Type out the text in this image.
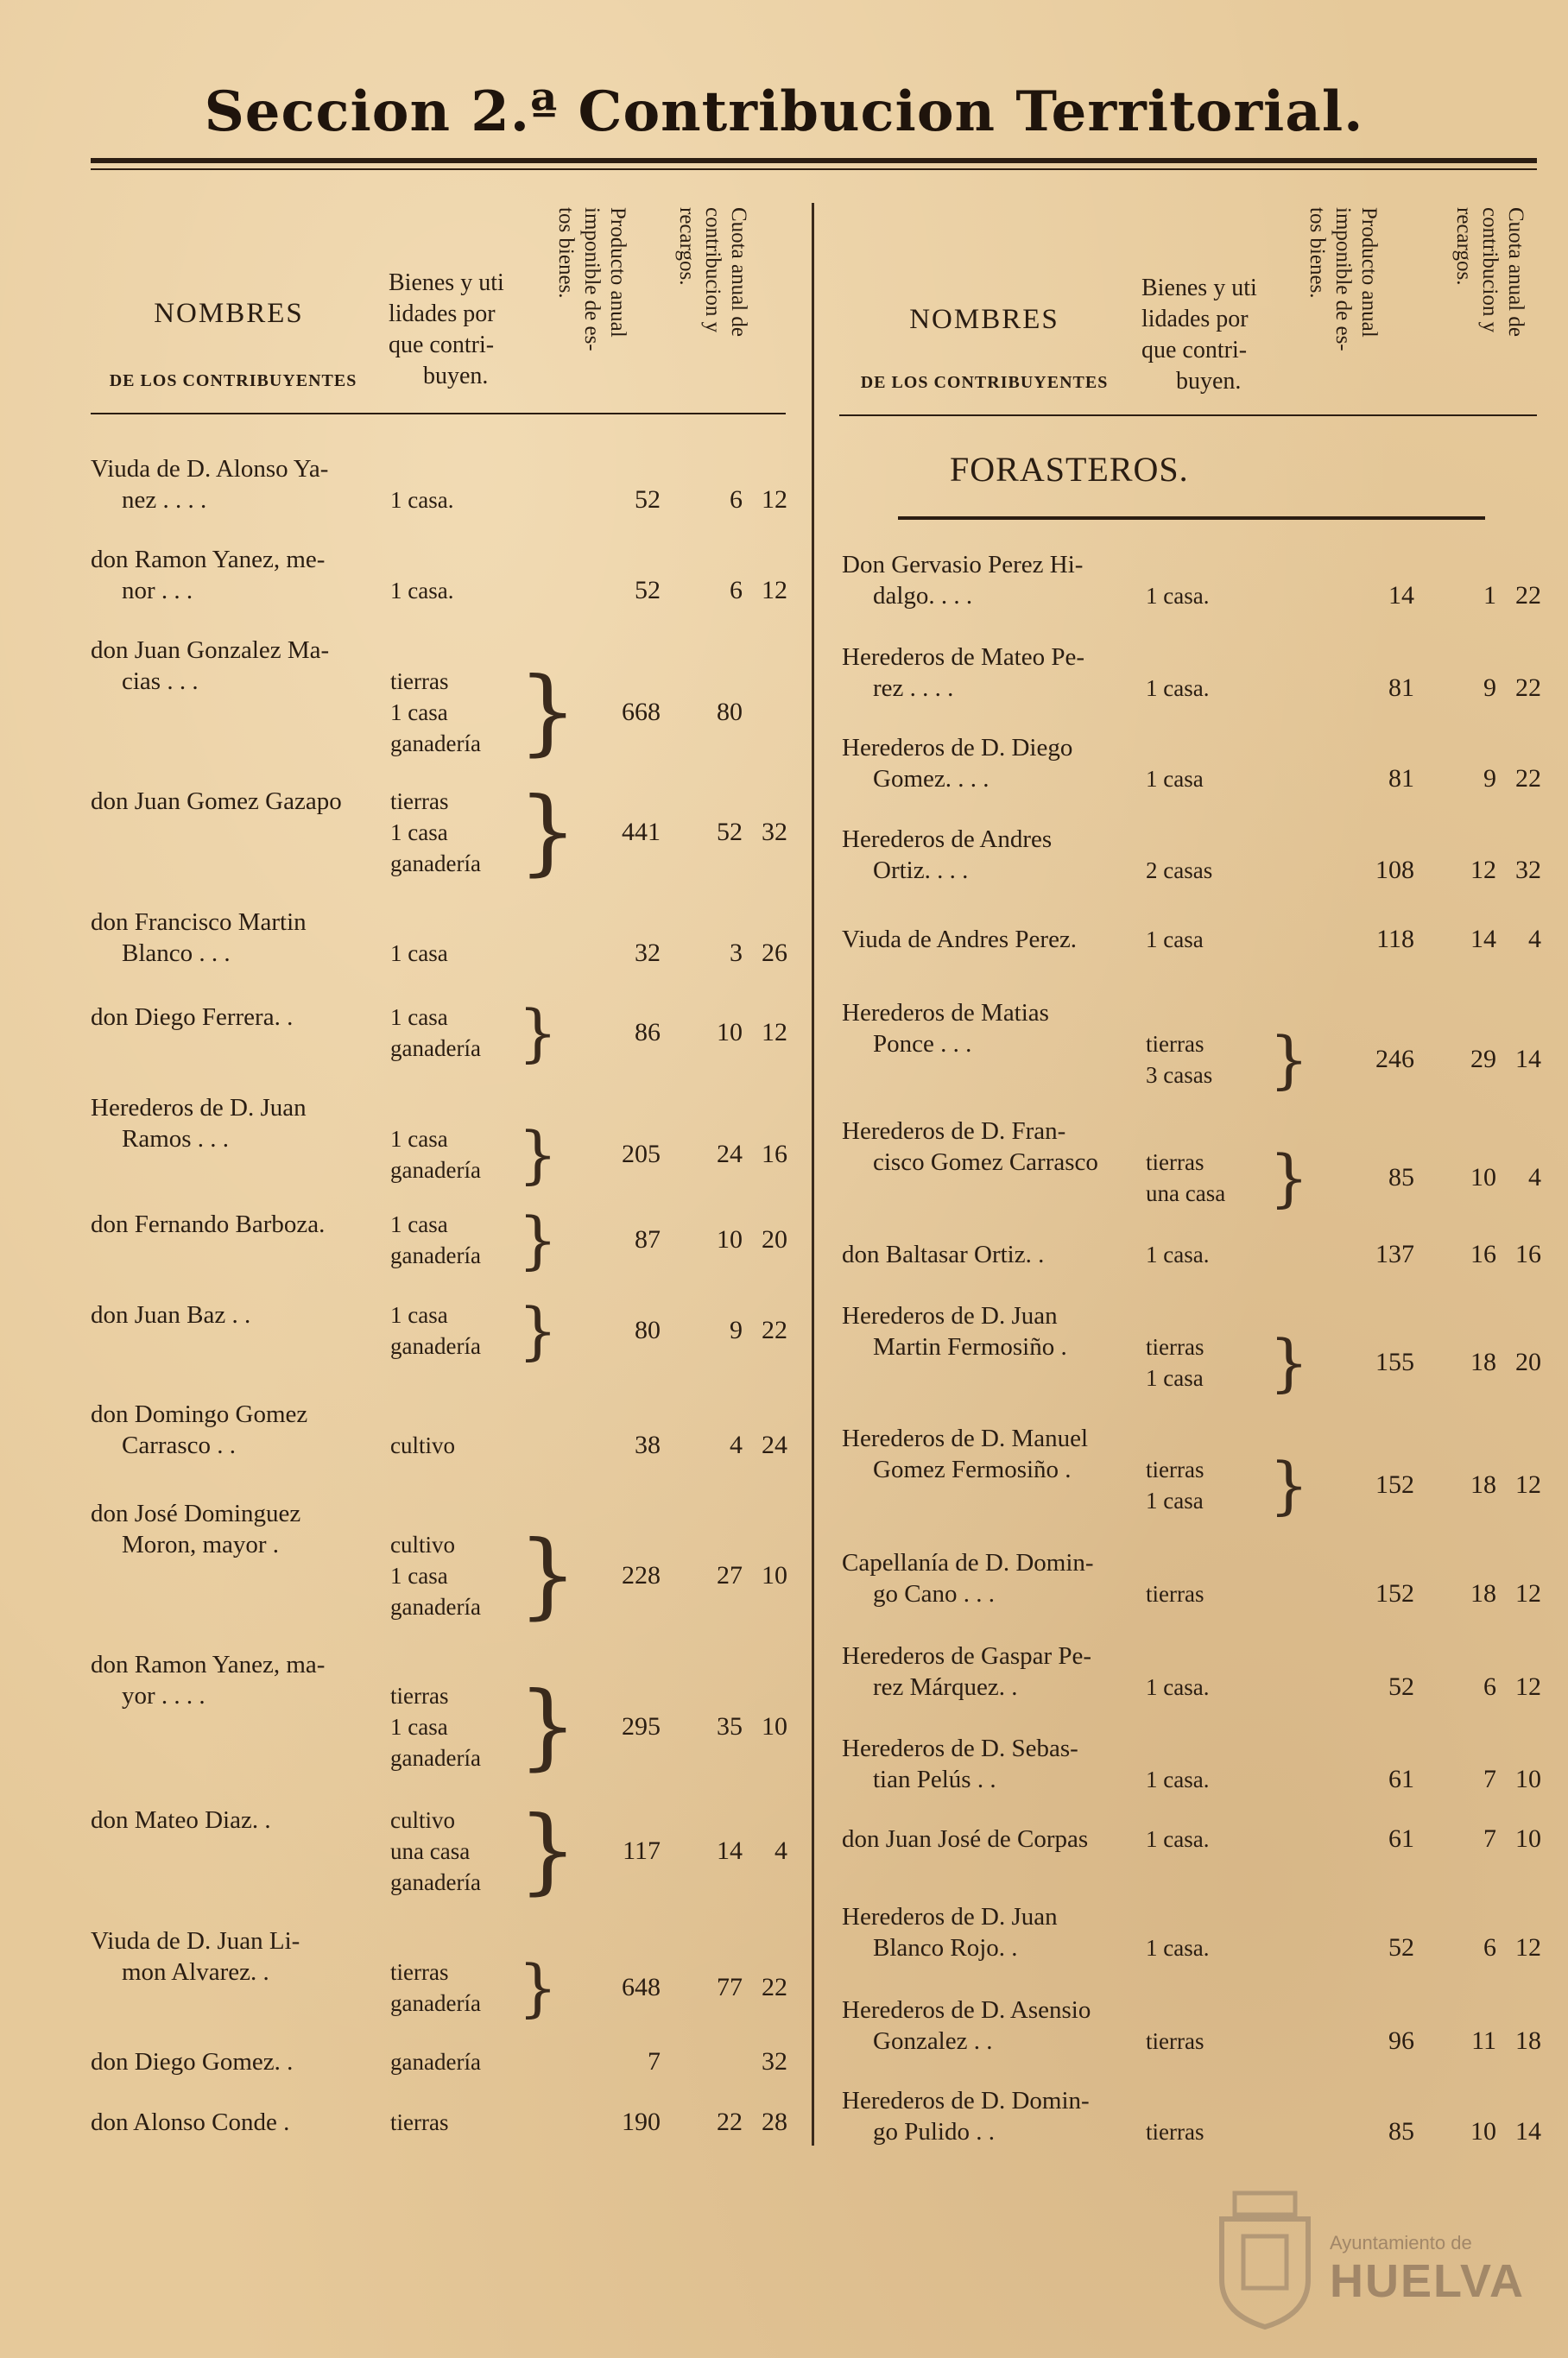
Seccion 2.ª Contribucion Territorial.
NOMBRES
DE LOS CONTRIBUYENTES
Bienes y uti
lidades por
que contri-
buyen.
Producto anual
imponible de es-
tos bienes.	Cuota anual de
contribucion y
recargos.
NOMBRES
DE LOS CONTRIBUYENTES
Bienes y uti
lidades por
que contri-
buyen.
Producto anual
imponible de es-
tos bienes.	Cuota anual de
contribucion y
recargos.
FORASTEROS.
Viuda de D. Alonso Ya-
nez . . . .	1 casa.	52	6 12
don Ramon Yanez, me-
nor . . .	1 casa.	52	6 12
don Juan Gonzalez Ma-
cias . . .	tierras
1 casa
ganadería }	668	80
don Juan Gomez Gazapo tierras
1 casa
ganadería }	441	52 32
don Francisco Martin
Blanco . . .	1 casa	32	3 26
don Diego Ferrera. .	1 casa
ganadería }	86	10 12
Herederos de D. Juan
Ramos . . .	1 casa
ganadería }	205	24 16
don Fernando Barboza.	1 casa
ganadería }	87	10 20
don Juan Baz . .	1 casa
ganadería }	80	9 22
don Domingo Gomez
Carrasco . .	cultivo	38	4 24
don José Dominguez
Moron, mayor .	cultivo
1 casa
ganadería }	228	27 10
don Ramon Yanez, ma-
yor . . . .	tierras
1 casa
ganadería }	295	35 10
don Mateo Diaz. .	cultivo
una casa
ganadería }	117	14	4
Viuda de D. Juan Li-
mon Alvarez. .	tierras
ganadería }	648	77 22
don Diego Gomez. .	ganadería	7	32
don Alonso Conde .	tierras	190	22 28
Don Gervasio Perez Hi-
dalgo. . . .	1 casa.	14	1 22
Herederos de Mateo Pe-
rez . . . .	1 casa.	81	9 22
Herederos de D. Diego
Gomez. . . .	1 casa	81	9 22
Herederos de Andres
Ortiz. . . .	2 casas	108	12 32
Viuda de Andres Perez.	1 casa	118	14	4
Herederos de Matias
Ponce . . .	tierras
3 casas }	246	29 14
Herederos de D. Fran-
cisco Gomez Carrasco tierras
una casa }	85	10	4
don Baltasar Ortiz. .	1 casa.	137	16 16
Herederos de D. Juan
Martin Fermosiño .	tierras
1 casa }	155	18 20
Herederos de D. Manuel
Gomez Fermosiño .	tierras
1 casa }	152	18 12
Capellanía de D. Domin-
go Cano . . .	tierras	152	18 12
Herederos de Gaspar Pe-
rez Márquez. .	1 casa.	52	6 12
Herederos de D. Sebas-
tian Pelús . .	1 casa.	61	7 10
don Juan José de Corpas 1 casa.	61	7 10
Herederos de D. Juan
Blanco Rojo. .	1 casa.	52	6 12
Herederos de D. Asensio
Gonzalez . .	tierras	96	11 18
Herederos de D. Domin-
go Pulido . .	tierras	85	10 14
Ayuntamiento de
HUELVA
